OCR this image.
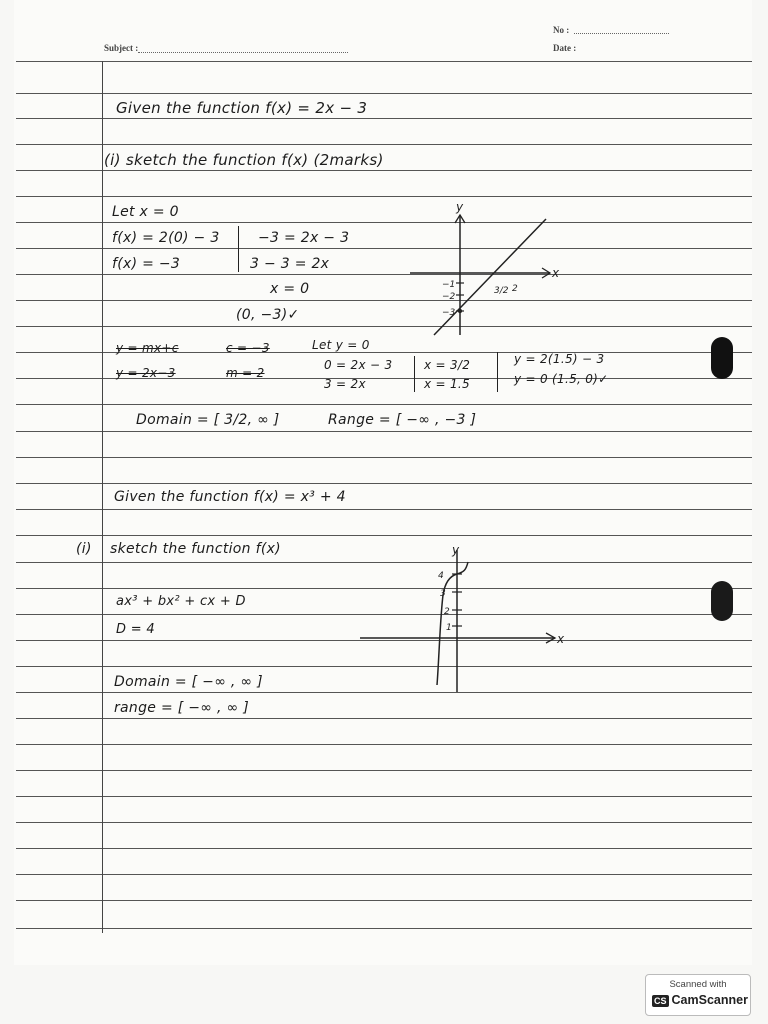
Subject :
No :
Date :
Given the function f(x) = 2x − 3
(i) sketch the function f(x) (2marks)
Let x = 0
f(x) = 2(0) − 3
f(x) = −3
−3 = 2x − 3
3 − 3 = 2x
x = 0
(0, −3)✓
y = mx+c	c = −3
y = 2x−3	m = 2
Let y = 0
0 = 2x − 3
3 = 2x
x = 3/2
x = 1.5
y = 2(1.5) − 3
y = 0 (1.5, 0)✓
Domain = [ 3/2, ∞ ]	Range = [ −∞ , −3 ]
y
x
−1
−2
−3
3/2 2
Given the function f(x) = x³ + 4
(i) sketch the function f(x)
ax³ + bx² + cx + D
D = 4
Domain = [ −∞ , ∞ ]
range = [ −∞ , ∞ ]
y
x
4
3
2
1
Scanned with
CS CamScanner
